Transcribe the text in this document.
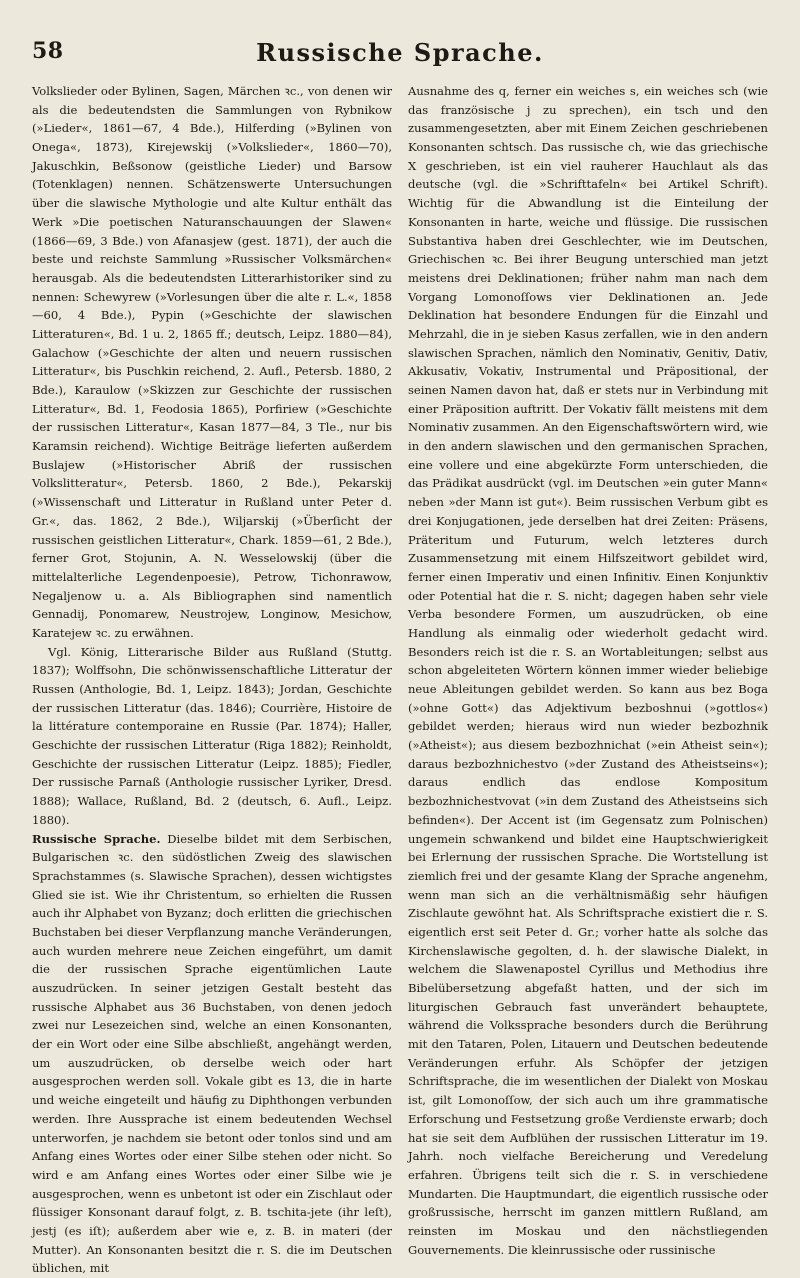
58	Russische Sprache.

Volkslieder oder Bylinen, Sagen, Märchen ꝛc., von denen wir als die bedeutendsten die Sammlungen von Rybnikow (»Lieder«, 1861—67, 4 Bde.), Hilferding (»Bylinen von Onega«, 1873), Kirejewskij (»Volkslieder«, 1860—70), Jakuschkin, Beßsonow (geistliche Lieder) und Barsow (Totenklagen) nennen. Schätzenswerte Untersuchungen über die slawische Mythologie und alte Kultur enthält das Werk »Die poetischen Naturanschauungen der Slawen« (1866—69, 3 Bde.) von Afanasjew (gest. 1871), der auch die beste und reichste Sammlung »Russischer Volksmärchen« herausgab. Als die bedeutendsten Litterarhistoriker sind zu nennen: Schewyrew (»Vorlesungen über die alte r. L.«, 1858—60, 4 Bde.), Pypin (»Geschichte der slawischen Litteraturen«, Bd. 1 u. 2, 1865 ff.; deutsch, Leipz. 1880—84), Galachow (»Geschichte der alten und neuern russischen Litteratur«, bis Puschkin reichend, 2. Aufl., Petersb. 1880, 2 Bde.), Karaulow (»Skizzen zur Geschichte der russischen Litteratur«, Bd. 1, Feodosia 1865), Porfiriew (»Geschichte der russischen Litteratur«, Kasan 1877—84, 3 Tle., nur bis Karamsin reichend). Wichtige Beiträge lieferten außerdem Buslajew (»Historischer Abriß der russischen Volkslitteratur«, Petersb. 1860, 2 Bde.), Pekarskij (»Wissenschaft und Litteratur in Rußland unter Peter d. Gr.«, das. 1862, 2 Bde.), Wiljarskij (»Überſicht der russischen geistlichen Litteratur«, Chark. 1859—61, 2 Bde.), ferner Grot, Stojunin, A. N. Wesselowskij (über die mittelalterliche Legendenpoesie), Petrow, Tichonrawow, Negaljenow u. a. Als Bibliographen sind namentlich Gennadij, Ponomarew, Neustrojew, Longinow, Mesichow, Karatejew ꝛc. zu erwähnen.

Vgl. König, Litterarische Bilder aus Rußland (Stuttg. 1837); Wolffsohn, Die schönwissenschaftliche Litteratur der Russen (Anthologie, Bd. 1, Leipz. 1843); Jordan, Geschichte der russischen Litteratur (das. 1846); Courrière, Histoire de la littérature contemporaine en Russie (Par. 1874); Haller, Geschichte der russischen Litteratur (Riga 1882); Reinholdt, Geschichte der russischen Litteratur (Leipz. 1885); Fiedler, Der russische Parnaß (Anthologie russischer Lyriker, Dresd. 1888); Wallace, Rußland, Bd. 2 (deutsch, 6. Aufl., Leipz. 1880).

Russische Sprache. Dieselbe bildet mit dem Serbischen, Bulgarischen ꝛc. den südöstlichen Zweig des slawischen Sprachstammes (s. Slawische Sprachen), dessen wichtigstes Glied sie ist. Wie ihr Christentum, so erhielten die Russen auch ihr Alphabet von Byzanz; doch erlitten die griechischen Buchstaben bei dieser Verpflanzung manche Veränderungen, auch wurden mehrere neue Zeichen eingeführt, um damit die der russischen Sprache eigentümlichen Laute auszudrücken. In seiner jetzigen Gestalt besteht das russische Alphabet aus 36 Buchstaben, von denen jedoch zwei nur Lesezeichen sind, welche an einen Konsonanten, der ein Wort oder eine Silbe abschließt, angehängt werden, um auszudrücken, ob derselbe weich oder hart ausgesprochen werden soll. Vokale gibt es 13, die in harte und weiche eingeteilt und häufig zu Diphthongen verbunden werden. Ihre Aussprache ist einem bedeutenden Wechsel unterworfen, je nachdem sie betont oder tonlos sind und am Anfang eines Wortes oder einer Silbe stehen oder nicht. So wird e am Anfang eines Wortes oder einer Silbe wie je ausgesprochen, wenn es unbetont ist oder ein Zischlaut oder flüssiger Konsonant darauf folgt, z. B. tschita-jete (ihr leſt), jestj (es iſt); außerdem aber wie e, z. B. in materi (der Mutter). An Konsonanten besitzt die r. S. die im Deutschen üblichen, mit

Ausnahme des q, ferner ein weiches s, ein weiches sch (wie das französische j zu sprechen), ein tsch und den zusammengesetzten, aber mit Einem Zeichen geschriebenen Konsonanten schtsch. Das russische ch, wie das griechische X geschrieben, ist ein viel rauherer Hauchlaut als das deutsche (vgl. die »Schrifttafeln« bei Artikel Schrift). Wichtig für die Abwandlung ist die Einteilung der Konsonanten in harte, weiche und flüssige. Die russischen Substantiva haben drei Geschlechter, wie im Deutschen, Griechischen ꝛc. Bei ihrer Beugung unterschied man jetzt meistens drei Deklinationen; früher nahm man nach dem Vorgang Lomonoſſows vier Deklinationen an. Jede Deklination hat besondere Endungen für die Einzahl und Mehrzahl, die in je sieben Kasus zerfallen, wie in den andern slawischen Sprachen, nämlich den Nominativ, Genitiv, Dativ, Akkusativ, Vokativ, Instrumental und Präpositional, der seinen Namen davon hat, daß er stets nur in Verbindung mit einer Präposition auftritt. Der Vokativ fällt meistens mit dem Nominativ zusammen. An den Eigenschaftswörtern wird, wie in den andern slawischen und den germanischen Sprachen, eine vollere und eine abgekürzte Form unterschieden, die das Prädikat ausdrückt (vgl. im Deutschen »ein guter Mann« neben »der Mann ist gut«). Beim russischen Verbum gibt es drei Konjugationen, jede derselben hat drei Zeiten: Präsens, Präteritum und Futurum, welch letzteres durch Zusammensetzung mit einem Hilfszeitwort gebildet wird, ferner einen Imperativ und einen Infinitiv. Einen Konjunktiv oder Potential hat die r. S. nicht; dagegen haben sehr viele Verba besondere Formen, um auszudrücken, ob eine Handlung als einmalig oder wiederholt gedacht wird. Besonders reich ist die r. S. an Wortableitungen; selbst aus schon abgeleiteten Wörtern können immer wieder beliebige neue Ableitungen gebildet werden. So kann aus bez Boga (»ohne Gott«) das Adjektivum bezboshnui (»gottlos«) gebildet werden; hieraus wird nun wieder bezbozhnik (»Atheist«); aus diesem bezbozhnichat (»ein Atheist sein«); daraus bezbozhnichestvo (»der Zustand des Atheistseins«); daraus endlich das endlose Kompositum bezbozhnichestvovat (»in dem Zustand des Atheistseins sich befinden«). Der Accent ist (im Gegensatz zum Polnischen) ungemein schwankend und bildet eine Hauptschwierigkeit bei Erlernung der russischen Sprache. Die Wortstellung ist ziemlich frei und der gesamte Klang der Sprache angenehm, wenn man sich an die verhältnismäßig sehr häufigen Zischlaute gewöhnt hat. Als Schriftsprache existiert die r. S. eigentlich erst seit Peter d. Gr.; vorher hatte als solche das Kirchenslawische gegolten, d. h. der slawische Dialekt, in welchem die Slawenapostel Cyrillus und Methodius ihre Bibelübersetzung abgefaßt hatten, und der sich im liturgischen Gebrauch fast unverändert behauptete, während die Volkssprache besonders durch die Berührung mit den Tataren, Polen, Litauern und Deutschen bedeutende Veränderungen erfuhr. Als Schöpfer der jetzigen Schriftsprache, die im wesentlichen der Dialekt von Moskau ist, gilt Lomonoſſow, der sich auch um ihre grammatische Erforschung und Festsetzung große Verdienste erwarb; doch hat sie seit dem Aufblühen der russischen Litteratur im 19. Jahrh. noch vielfache Bereicherung und Veredelung erfahren. Übrigens teilt sich die r. S. in verschiedene Mundarten. Die Hauptmundart, die eigentlich russische oder großrussische, herrscht im ganzen mittlern Rußland, am reinsten im Moskau und den nächstliegenden Gouvernements. Die kleinrussische oder russinische
